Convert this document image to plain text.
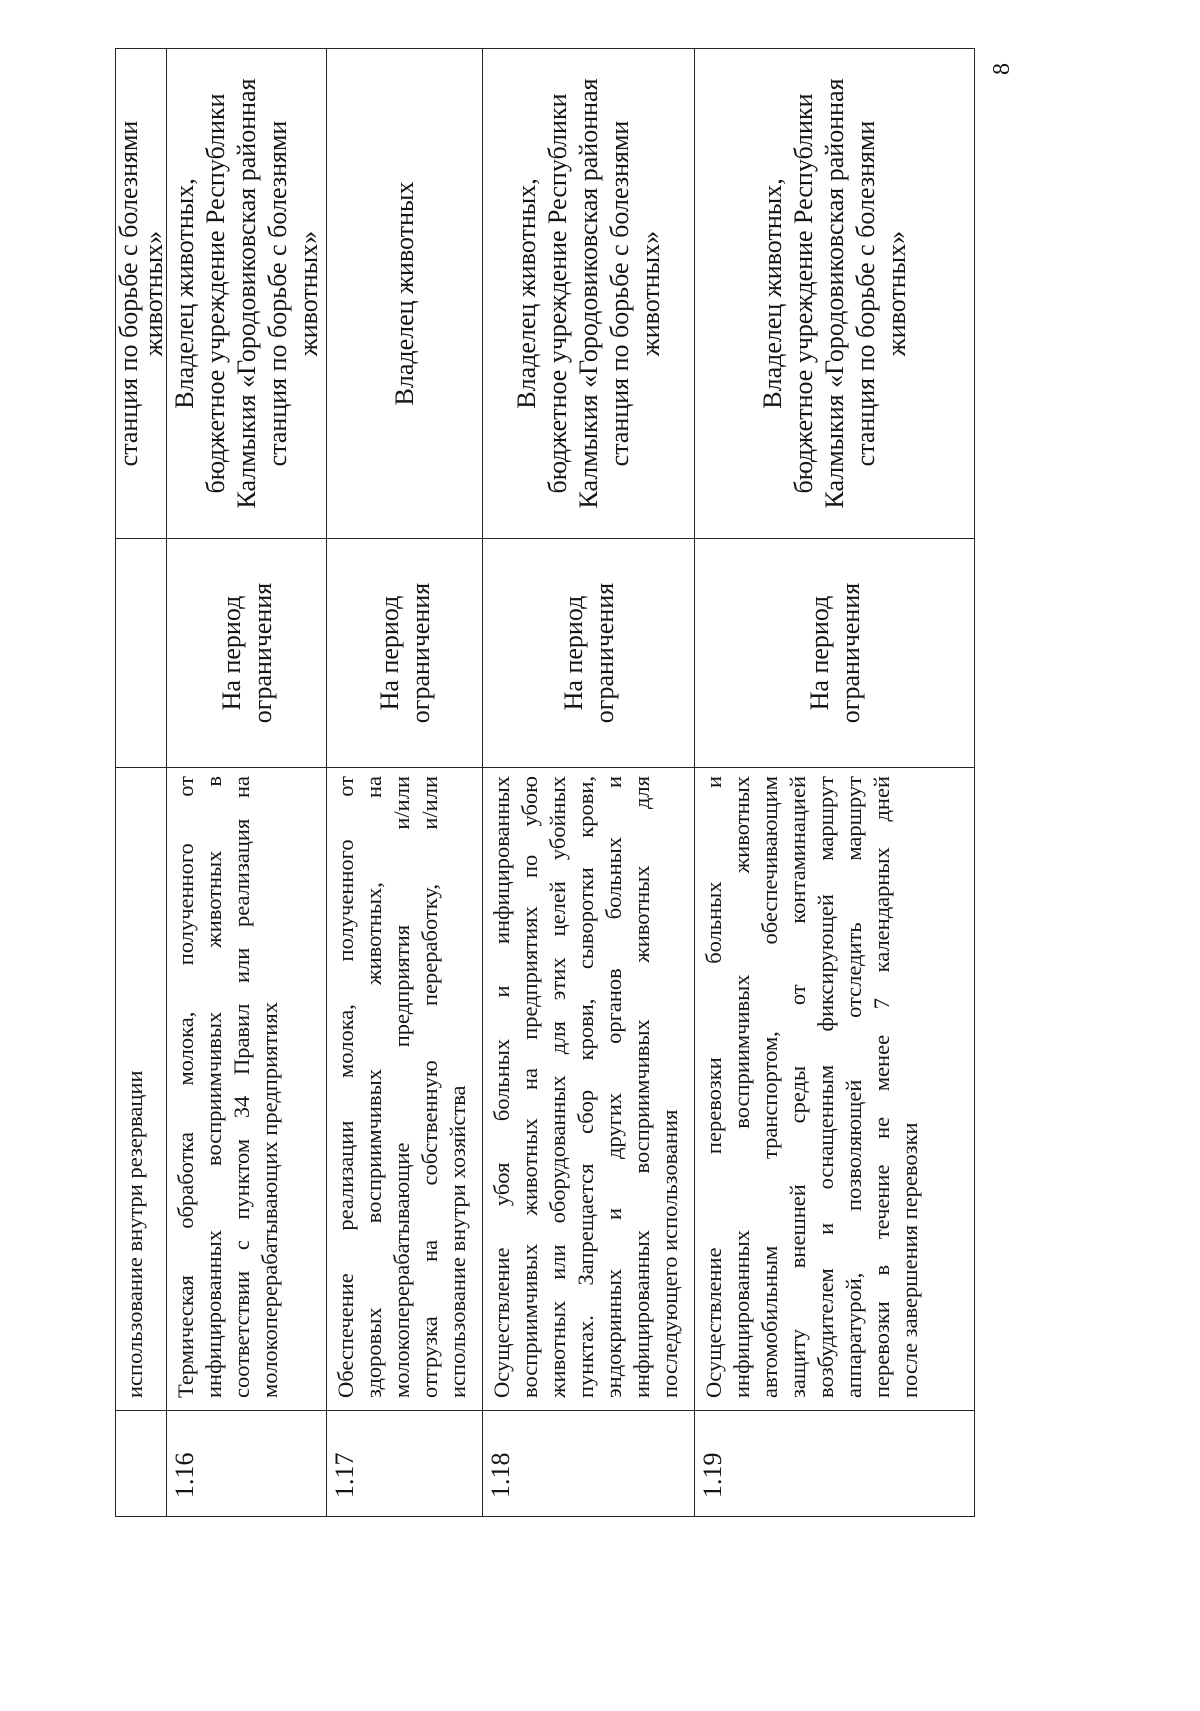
использование внутри резервации
станция по борьбе с болезнями
животных»
1.16
Термическая обработка молока, полученного от инфицированных восприимчивых животных в соответствии с пунктом 34 Правил или реализация на молокоперерабатывающих предприятиях
На период ограничения
Владелец животных, бюджетное учреждение Республики Калмыкия «Городовиковская районная станция по борьбе с болезнями животных»
1.17
Обеспечение реализации молока, полученного от здоровых восприимчивых животных, на молокоперерабатывающие предприятия и/или отгрузка на собственную переработку, и/или использование внутри хозяйства
На период ограничения
Владелец животных
1.18
Осуществление убоя больных и инфицированных восприимчивых животных на предприятиях по убою животных или оборудованных для этих целей убойных пунктах. Запрещается сбор крови, сыворотки крови, эндокринных и других органов больных и инфицированных восприимчивых животных для последующего использования
На период ограничения
Владелец животных, бюджетное учреждение Республики Калмыкия «Городовиковская районная станция по борьбе с болезнями животных»
1.19
Осуществление перевозки больных и инфицированных восприимчивых животных автомобильным транспортом, обеспечивающим защиту внешней среды от контаминацией возбудителем и оснащенным фиксирующей маршрут аппаратурой, позволяющей отследить маршрут перевозки в течение не менее 7 календарных дней после завершения перевозки
На период ограничения
Владелец животных, бюджетное учреждение Республики Калмыкия «Городовиковская районная станция по борьбе с болезнями животных»
8
